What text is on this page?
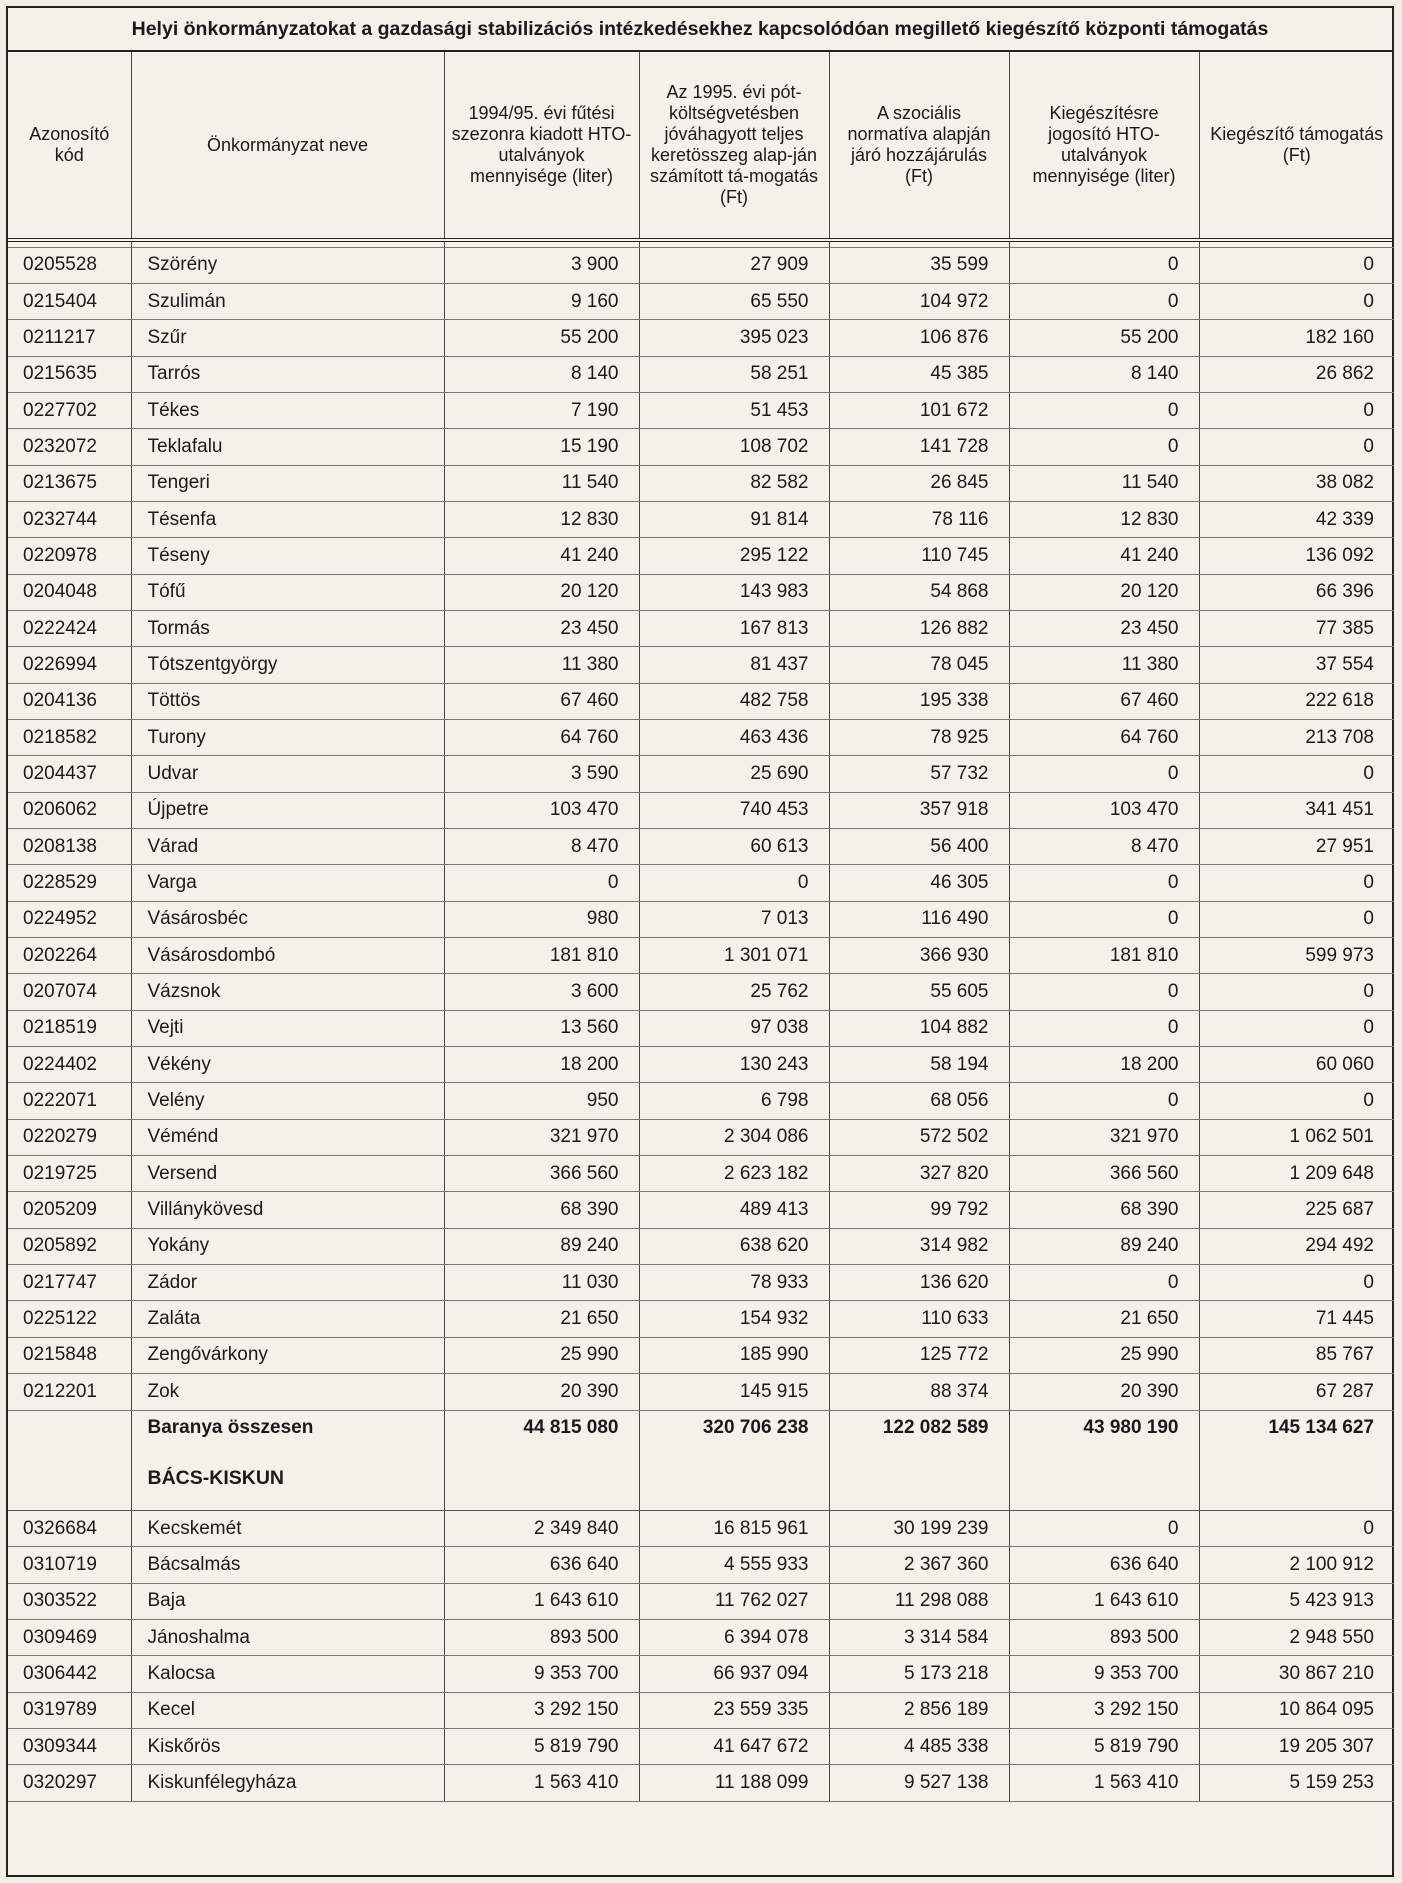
Helyi önkormányzatokat a gazdasági stabilizációs intézkedésekhez kapcsolódóan megillető kiegészítő központi támogatás
Azonosító kód	Önkormányzat neve	1994/95. évi fűtési szezonra kiadott HTO-utalványok mennyisége (liter)	Az 1995. évi pót-költségvetésben jóváhagyott teljes keretösszeg alap-ján számított tá-mogatás (Ft)	A szociális normatíva alapján járó hozzájárulás (Ft)	Kiegészítésre jogosító HTO-utalványok mennyisége (liter)	Kiegészítő támogatás (Ft)

0205528	Szörény	3 900	27 909	35 599	0	0
0215404	Szulimán	9 160	65 550	104 972	0	0
0211217	Szűr	55 200	395 023	106 876	55 200	182 160
0215635	Tarrós	8 140	58 251	45 385	8 140	26 862
0227702	Tékes	7 190	51 453	101 672	0	0
0232072	Teklafalu	15 190	108 702	141 728	0	0
0213675	Tengeri	11 540	82 582	26 845	11 540	38 082
0232744	Tésenfa	12 830	91 814	78 116	12 830	42 339
0220978	Téseny	41 240	295 122	110 745	41 240	136 092
0204048	Tófű	20 120	143 983	54 868	20 120	66 396
0222424	Tormás	23 450	167 813	126 882	23 450	77 385
0226994	Tótszentgyörgy	11 380	81 437	78 045	11 380	37 554
0204136	Töttös	67 460	482 758	195 338	67 460	222 618
0218582	Turony	64 760	463 436	78 925	64 760	213 708
0204437	Udvar	3 590	25 690	57 732	0	0
0206062	Újpetre	103 470	740 453	357 918	103 470	341 451
0208138	Várad	8 470	60 613	56 400	8 470	27 951
0228529	Varga	0	0	46 305	0	0
0224952	Vásárosbéc	980	7 013	116 490	0	0
0202264	Vásárosdombó	181 810	1 301 071	366 930	181 810	599 973
0207074	Vázsnok	3 600	25 762	55 605	0	0
0218519	Vejti	13 560	97 038	104 882	0	0
0224402	Vékény	18 200	130 243	58 194	18 200	60 060
0222071	Velény	950	6 798	68 056	0	0
0220279	Véménd	321 970	2 304 086	572 502	321 970	1 062 501
0219725	Versend	366 560	2 623 182	327 820	366 560	1 209 648
0205209	Villánykövesd	68 390	489 413	99 792	68 390	225 687
0205892	Yokány	89 240	638 620	314 982	89 240	294 492
0217747	Zádor	11 030	78 933	136 620	0	0
0225122	Zaláta	21 650	154 932	110 633	21 650	71 445
0215848	Zengővárkony	25 990	185 990	125 772	25 990	85 767
0212201	Zok	20 390	145 915	88 374	20 390	67 287
	Baranya összesen	44 815 080	320 706 238	122 082 589	43 980 190	145 134 627
	BÁCS-KISKUN					
0326684	Kecskemét	2 349 840	16 815 961	30 199 239	0	0
0310719	Bácsalmás	636 640	4 555 933	2 367 360	636 640	2 100 912
0303522	Baja	1 643 610	11 762 027	11 298 088	1 643 610	5 423 913
0309469	Jánoshalma	893 500	6 394 078	3 314 584	893 500	2 948 550
0306442	Kalocsa	9 353 700	66 937 094	5 173 218	9 353 700	30 867 210
0319789	Kecel	3 292 150	23 559 335	2 856 189	3 292 150	10 864 095
0309344	Kiskőrös	5 819 790	41 647 672	4 485 338	5 819 790	19 205 307
0320297	Kiskunfélegyháza	1 563 410	11 188 099	9 527 138	1 563 410	5 159 253
